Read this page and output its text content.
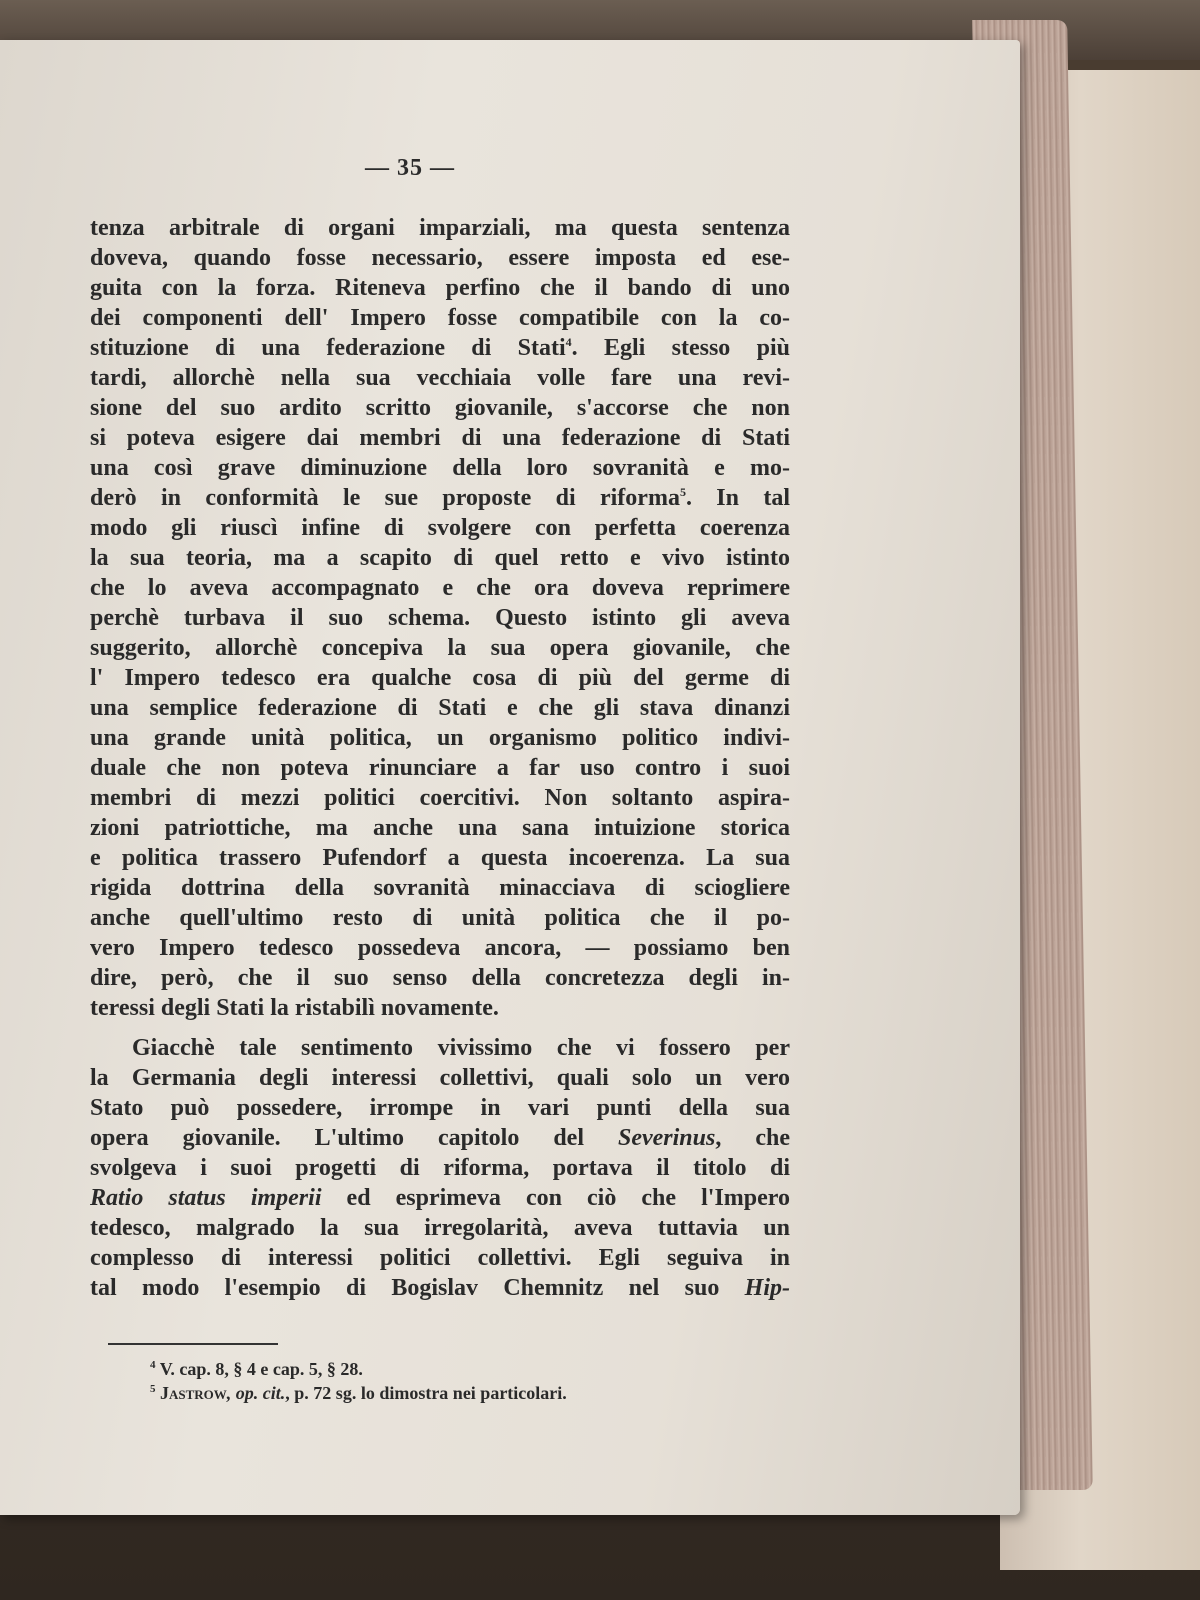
— 35 —
tenza arbitrale di organi imparziali, ma questa sentenza
doveva, quando fosse necessario, essere imposta ed ese-
guita con la forza. Riteneva perfino che il bando di uno
dei componenti dell' Impero fosse compatibile con la co-
stituzione di una federazione di Stati$^4$. Egli stesso più
tardi, allorchè nella sua vecchiaia volle fare una revi-
sione del suo ardito scritto giovanile, s'accorse che non
si poteva esigere dai membri di una federazione di Stati
una così grave diminuzione della loro sovranità e mo-
derò in conformità le sue proposte di riforma$^5$. In tal
modo gli riuscì infine di svolgere con perfetta coerenza
la sua teoria, ma a scapito di quel retto e vivo istinto
che lo aveva accompagnato e che ora doveva reprimere
perchè turbava il suo schema. Questo istinto gli aveva
suggerito, allorchè concepiva la sua opera giovanile, che
l' Impero tedesco era qualche cosa di più del germe di
una semplice federazione di Stati e che gli stava dinanzi
una grande unità politica, un organismo politico indivi-
duale che non poteva rinunciare a far uso contro i suoi
membri di mezzi politici coercitivi. Non soltanto aspira-
zioni patriottiche, ma anche una sana intuizione storica
e politica trassero Pufendorf a questa incoerenza. La sua
rigida dottrina della sovranità minacciava di sciogliere
anche quell'ultimo resto di unità politica che il po-
vero Impero tedesco possedeva ancora, — possiamo ben
dire, però, che il suo senso della concretezza degli in-
teressi degli Stati la ristabilì novamente.
Giacchè tale sentimento vivissimo che vi fossero per
la Germania degli interessi collettivi, quali solo un vero
Stato può possedere, irrompe in vari punti della sua
opera giovanile. L'ultimo capitolo del Severinus, che
svolgeva i suoi progetti di riforma, portava il titolo di
Ratio status imperii ed esprimeva con ciò che l'Impero
tedesco, malgrado la sua irregolarità, aveva tuttavia un
complesso di interessi politici collettivi. Egli seguiva in
tal modo l'esempio di Bogislav Chemnitz nel suo Hip-
$^4$ V. cap. 8, § 4 e cap. 5, § 28.
$^5$ Jastrow, op. cit., p. 72 sg. lo dimostra nei particolari.
